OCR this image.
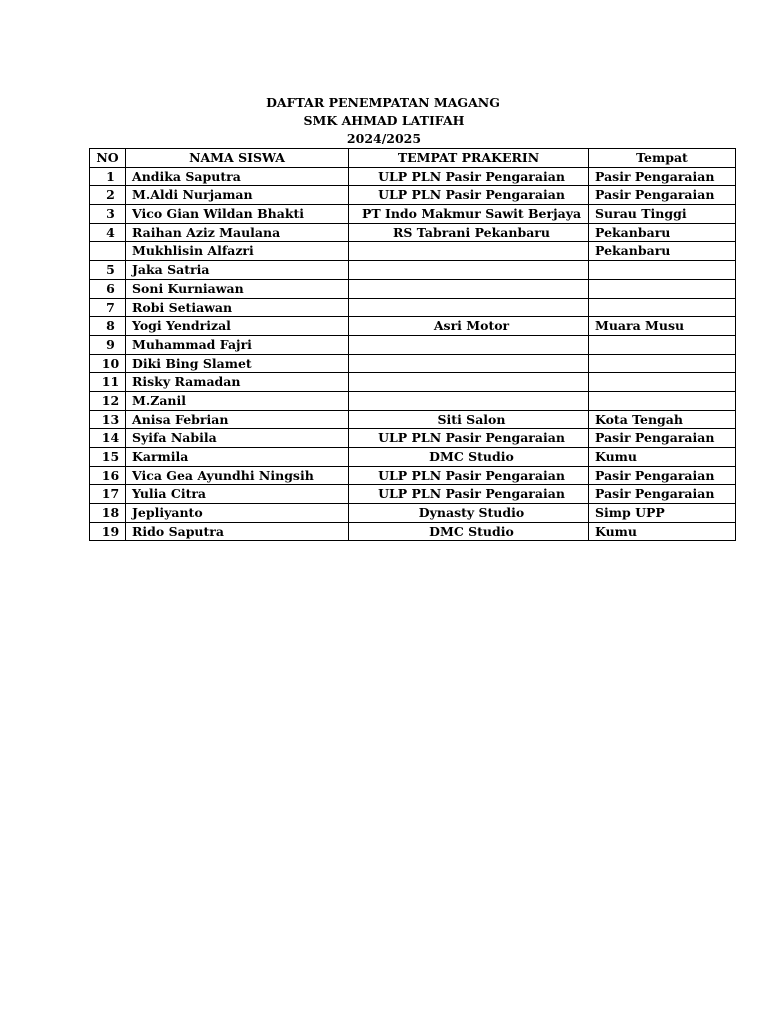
DAFTAR PENEMPATAN MAGANG
SMK AHMAD LATIFAH
2024/2025
NO	NAMA SISWA	TEMPAT PRAKERIN	Tempat
1	Andika Saputra	ULP PLN Pasir Pengaraian	Pasir Pengaraian
2	M.Aldi Nurjaman	ULP PLN Pasir Pengaraian	Pasir Pengaraian
3	Vico Gian Wildan Bhakti	PT Indo Makmur Sawit Berjaya	Surau Tinggi
4	Raihan Aziz Maulana	RS Tabrani Pekanbaru	Pekanbaru
	Mukhlisin Alfazri		Pekanbaru
5	Jaka Satria		
6	Soni Kurniawan		
7	Robi Setiawan		
8	Yogi Yendrizal	Asri Motor	Muara Musu
9	Muhammad Fajri		
10	Diki Bing Slamet		
11	Risky Ramadan		
12	M.Zanil		
13	Anisa Febrian	Siti Salon	Kota Tengah
14	Syifa Nabila	ULP PLN Pasir Pengaraian	Pasir Pengaraian
15	Karmila	DMC Studio	Kumu
16	Vica Gea Ayundhi Ningsih	ULP PLN Pasir Pengaraian	Pasir Pengaraian
17	Yulia Citra	ULP PLN Pasir Pengaraian	Pasir Pengaraian
18	Jepliyanto	Dynasty Studio	Simp UPP
19	Rido Saputra	DMC Studio	Kumu
